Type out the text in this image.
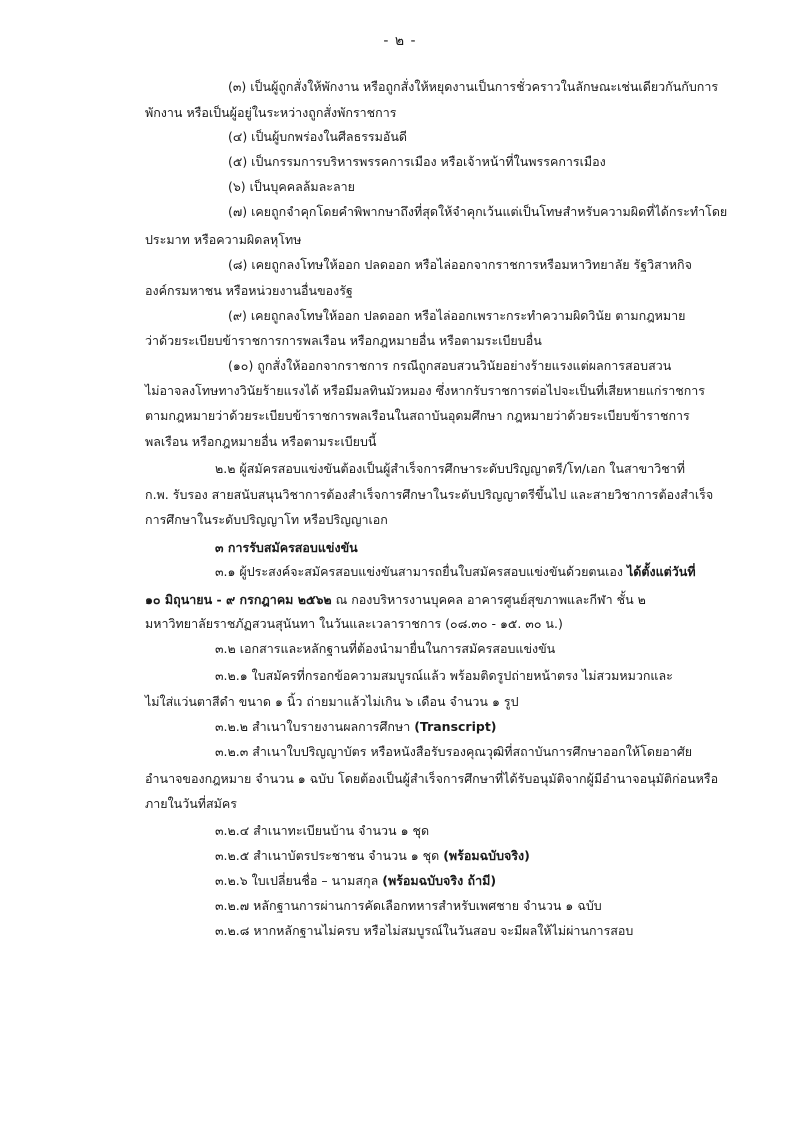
- ๒ -
(๓) เป็นผู้ถูกสั่งให้พักงาน หรือถูกสั่งให้หยุดงานเป็นการชั่วคราวในลักษณะเช่นเดียวกันกับการ
พักงาน หรือเป็นผู้อยู่ในระหว่างถูกสั่งพักราชการ
(๔) เป็นผู้บกพร่องในศีลธรรมอันดี
(๕) เป็นกรรมการบริหารพรรคการเมือง หรือเจ้าหน้าที่ในพรรคการเมือง
(๖) เป็นบุคคลล้มละลาย
(๗) เคยถูกจำคุกโดยคำพิพากษาถึงที่สุดให้จำคุกเว้นแต่เป็นโทษสำหรับความผิดที่ได้กระทำโดย
ประมาท หรือความผิดลหุโทษ
(๘) เคยถูกลงโทษให้ออก ปลดออก หรือไล่ออกจากราชการหรือมหาวิทยาลัย รัฐวิสาหกิจ
องค์กรมหาชน หรือหน่วยงานอื่นของรัฐ
(๙) เคยถูกลงโทษให้ออก ปลดออก หรือไล่ออกเพราะกระทำความผิดวินัย ตามกฎหมาย
ว่าด้วยระเบียบข้าราชการการพลเรือน หรือกฎหมายอื่น หรือตามระเบียบอื่น
(๑๐) ถูกสั่งให้ออกจากราชการ กรณีถูกสอบสวนวินัยอย่างร้ายแรงแต่ผลการสอบสวน
ไม่อาจลงโทษทางวินัยร้ายแรงได้ หรือมีมลทินมัวหมอง ซึ่งหากรับราชการต่อไปจะเป็นที่เสียหายแก่ราชการ
ตามกฎหมายว่าด้วยระเบียบข้าราชการพลเรือนในสถาบันอุดมศึกษา กฎหมายว่าด้วยระเบียบข้าราชการ
พลเรือน หรือกฎหมายอื่น หรือตามระเบียบนี้
๒.๒ ผู้สมัครสอบแข่งขันต้องเป็นผู้สำเร็จการศึกษาระดับปริญญาตรี/โท/เอก ในสาขาวิชาที่
ก.พ. รับรอง สายสนับสนุนวิชาการต้องสำเร็จการศึกษาในระดับปริญญาตรีขึ้นไป และสายวิชาการต้องสำเร็จ
การศึกษาในระดับปริญญาโท หรือปริญญาเอก
๓ การรับสมัครสอบแข่งขัน
๓.๑ ผู้ประสงค์จะสมัครสอบแข่งขันสามารถยื่นใบสมัครสอบแข่งขันด้วยตนเอง ได้ตั้งแต่วันที่
๑๐ มิถุนายน - ๙ กรกฎาคม ๒๕๖๒ ณ กองบริหารงานบุคคล อาคารศูนย์สุขภาพและกีฬา ชั้น ๒
มหาวิทยาลัยราชภัฏสวนสุนันทา ในวันและเวลาราชการ (๐๘.๓๐ - ๑๕. ๓๐ น.)
๓.๒ เอกสารและหลักฐานที่ต้องนำมายื่นในการสมัครสอบแข่งขัน
๓.๒.๑ ใบสมัครที่กรอกข้อความสมบูรณ์แล้ว พร้อมติดรูปถ่ายหน้าตรง ไม่สวมหมวกและ
ไม่ใส่แว่นตาสีดำ ขนาด ๑ นิ้ว ถ่ายมาแล้วไม่เกิน ๖ เดือน จำนวน ๑ รูป
๓.๒.๒ สำเนาใบรายงานผลการศึกษา (Transcript)
๓.๒.๓ สำเนาใบปริญญาบัตร หรือหนังสือรับรองคุณวุฒิที่สถาบันการศึกษาออกให้โดยอาศัย
อำนาจของกฎหมาย จำนวน ๑ ฉบับ โดยต้องเป็นผู้สำเร็จการศึกษาที่ได้รับอนุมัติจากผู้มีอำนาจอนุมัติก่อนหรือ
ภายในวันที่สมัคร
๓.๒.๔ สำเนาทะเบียนบ้าน จำนวน ๑ ชุด
๓.๒.๕ สำเนาบัตรประชาชน จำนวน ๑ ชุด (พร้อมฉบับจริง)
๓.๒.๖ ใบเปลี่ยนชื่อ – นามสกุล (พร้อมฉบับจริง ถ้ามี)
๓.๒.๗ หลักฐานการผ่านการคัดเลือกทหารสำหรับเพศชาย จำนวน ๑ ฉบับ
๓.๒.๘ หากหลักฐานไม่ครบ หรือไม่สมบูรณ์ในวันสอบ จะมีผลให้ไม่ผ่านการสอบ
